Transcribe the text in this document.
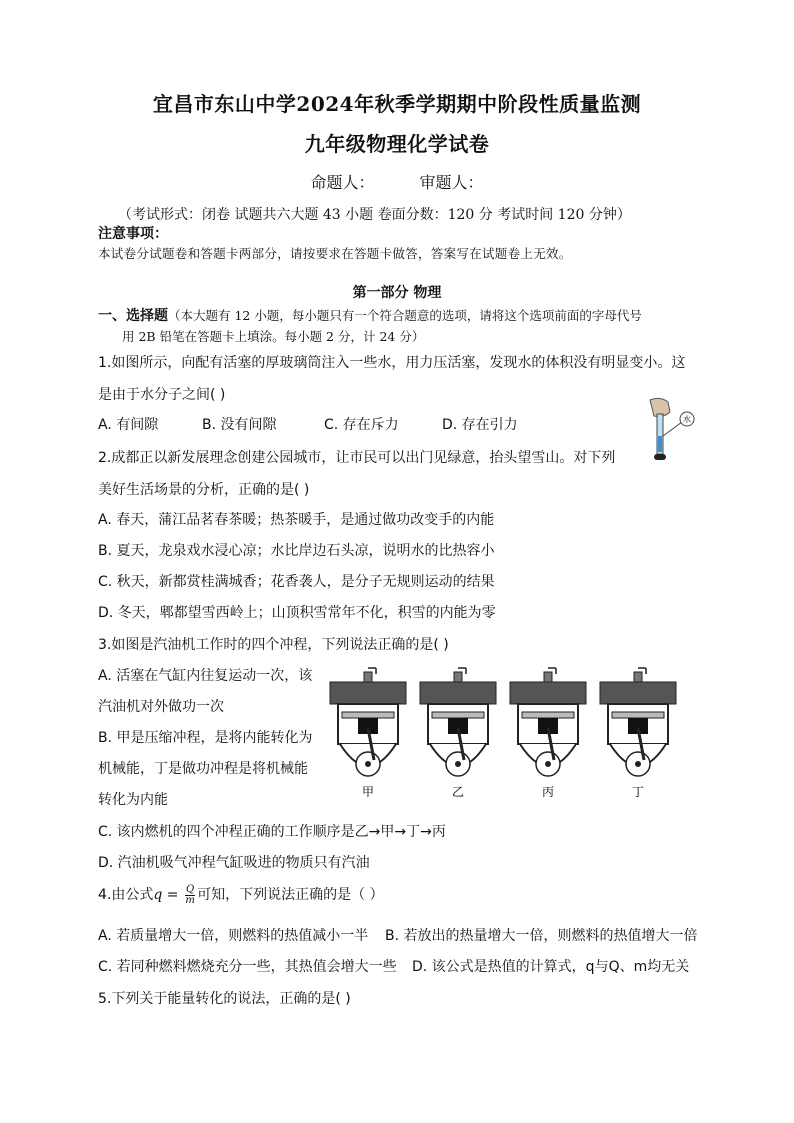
宜昌市东山中学2024年秋季学期期中阶段性质量监测
九年级物理化学试卷
命题人：	审题人：
（考试形式：闭卷 试题共六大题 43 小题 卷面分数：120 分 考试时间 120 分钟）
注意事项：
本试卷分试题卷和答题卡两部分，请按要求在答题卡做答，答案写在试题卷上无效。
第一部分 物理
一、选择题（本大题有 12 小题，每小题只有一个符合题意的选项，请将这个选项前面的字母代号
用 2B 铅笔在答题卡上填涂。每小题 2 分，计 24 分）
1.如图所示，向配有活塞的厚玻璃筒注入一些水，用力压活塞，发现水的体积没有明显变小。这
是由于水分子之间( )
A. 有间隙	B. 没有间隙	C. 存在斥力	D. 存在引力	水
2.成都正以新发展理念创建公园城市，让市民可以出门见绿意，抬头望雪山。对下列
美好生活场景的分析，正确的是( )
A. 春天，蒲江品茗春茶暖；热茶暖手，是通过做功改变手的内能
B. 夏天，龙泉戏水浸心凉；水比岸边石头凉，说明水的比热容小
C. 秋天，新都赏桂满城香；花香袭人，是分子无规则运动的结果
D. 冬天，郫都望雪西岭上；山顶积雪常年不化，积雪的内能为零
3.如图是汽油机工作时的四个冲程，下列说法正确的是( )
A. 活塞在气缸内往复运动一次，该
汽油机对外做功一次
B. 甲是压缩冲程，是将内能转化为
机械能，丁是做功冲程是将机械能
转化为内能
C. 该内燃机的四个冲程正确的工作顺序是乙→甲→丁→丙
D. 汽油机吸气冲程气缸吸进的物质只有汽油
甲	乙	丙	丁
4.由公式$q = \frac{Q}{m}$ 可知，下列说法正确的是（ ）
A. 若质量增大一倍，则燃料的热值减小一半 B. 若放出的热量增大一倍，则燃料的热值增大一倍
C. 若同种燃料燃烧充分一些，其热值会增大一些 D. 该公式是热值的计算式，q与Q、m均无关
5.下列关于能量转化的说法，正确的是( )
